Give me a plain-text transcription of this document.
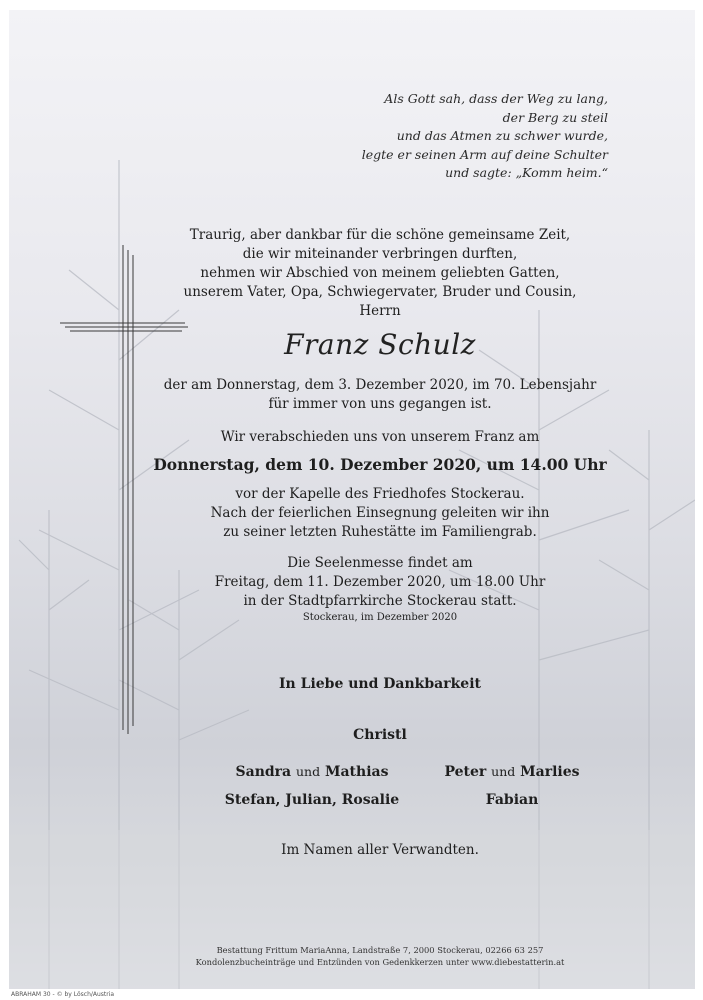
Als Gott sah, dass der Weg zu lang,
der Berg zu steil
und das Atmen zu schwer wurde,
legte er seinen Arm auf deine Schulter
und sagte: „Komm heim.“
Traurig, aber dankbar für die schöne gemeinsame Zeit,
die wir miteinander verbringen durften,
nehmen wir Abschied von meinem geliebten Gatten,
unserem Vater, Opa, Schwiegervater, Bruder und Cousin,
Herrn
Franz Schulz
der am Donnerstag, dem 3. Dezember 2020, im 70. Lebensjahr
für immer von uns gegangen ist.
Wir verabschieden uns von unserem Franz am
Donnerstag, dem 10. Dezember 2020, um 14.00 Uhr
vor der Kapelle des Friedhofes Stockerau.
Nach der feierlichen Einsegnung geleiten wir ihn
zu seiner letzten Ruhestätte im Familiengrab.
Die Seelenmesse findet am
Freitag, dem 11. Dezember 2020, um 18.00 Uhr
in der Stadtpfarrkirche Stockerau statt.
Stockerau, im Dezember 2020
In Liebe und Dankbarkeit
Christl
Sandra und Mathias	Peter und Marlies
Stefan, Julian, Rosalie	Fabian
Im Namen aller Verwandten.
Bestattung Frittum MariaAnna, Landstraße 7, 2000 Stockerau, 02266 63 257
Kondolenzbucheinträge und Entzünden von Gedenkkerzen unter www.diebestatterin.at
ABRAHAM 30 - © by Lösch/Austria
